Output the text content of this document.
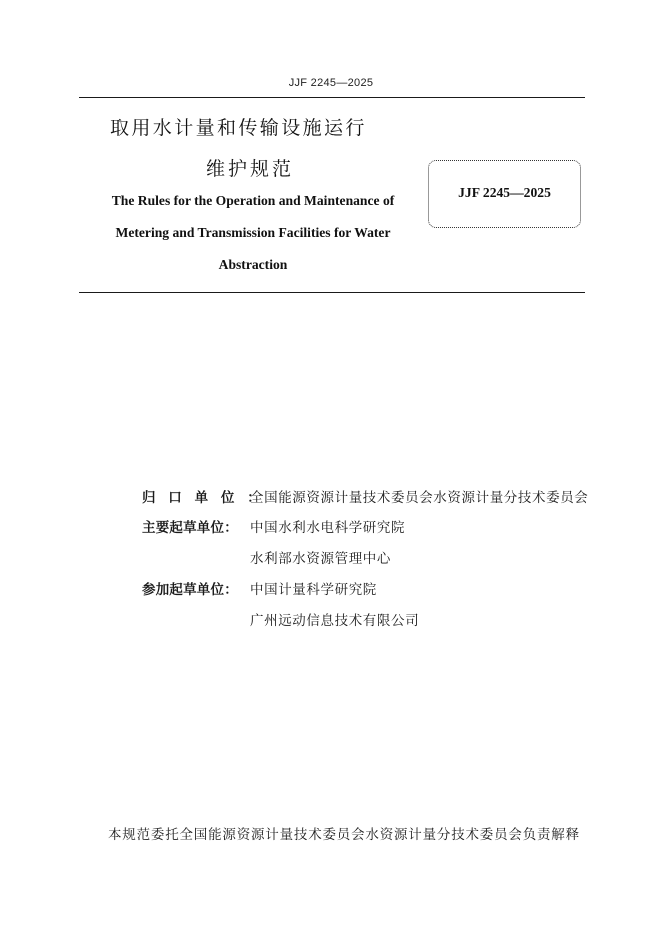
JJF 2245—2025
取用水计量和传输设施运行
维护规范
The Rules for the Operation and Maintenance of
Metering and Transmission Facilities for Water
Abstraction
JJF 2245—2025
归口单位：
全国能源资源计量技术委员会水资源计量分技术委员会
主要起草单位： 中国水利水电科学研究院
水利部水资源管理中心
参加起草单位： 中国计量科学研究院
广州远动信息技术有限公司
本规范委托全国能源资源计量技术委员会水资源计量分技术委员会负责解释
